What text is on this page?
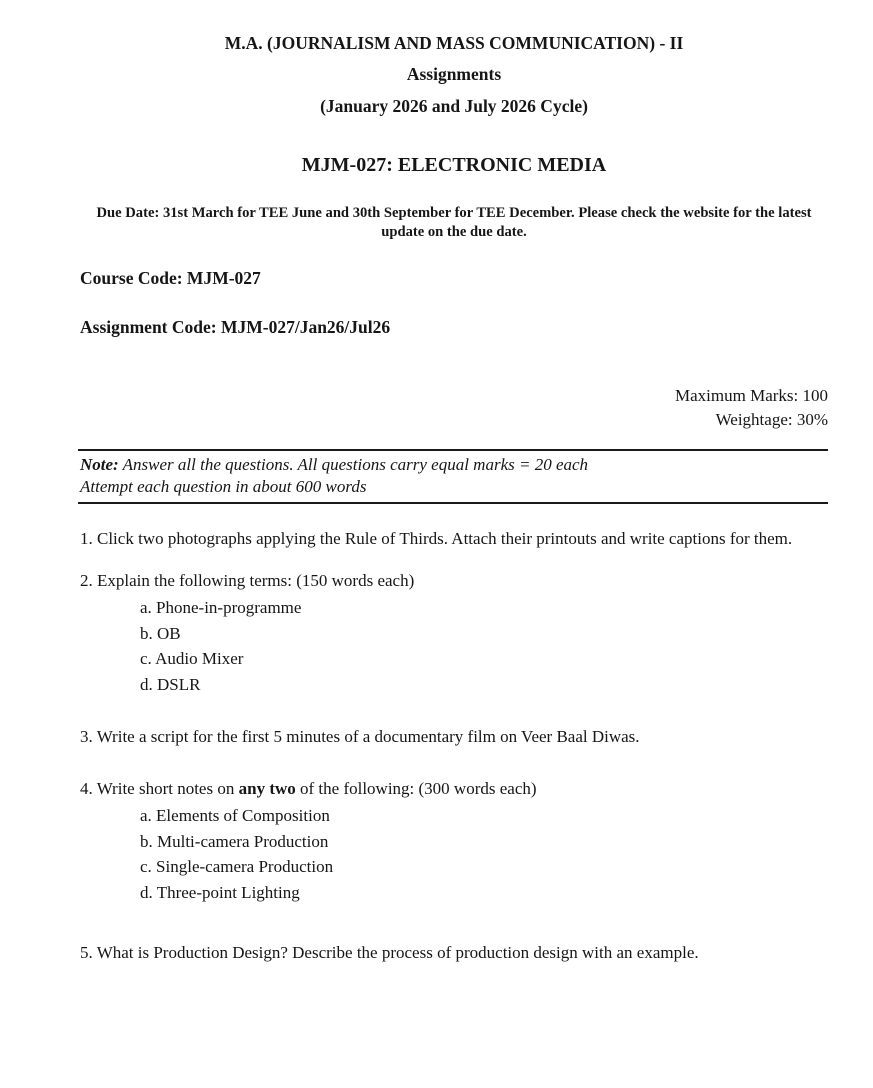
M.A. (JOURNALISM AND MASS COMMUNICATION) - II

Assignments

(January 2026 and July 2026 Cycle)

MJM-027: ELECTRONIC MEDIA

Due Date: 31st March for TEE June and 30th September for TEE December. Please check the website for the latest update on the due date.

Course Code: MJM-027

Assignment Code: MJM-027/Jan26/Jul26

Maximum Marks: 100

Weightage: 30%

Note: Answer all the questions. All questions carry equal marks = 20 each

Attempt each question in about 600 words

1. Click two photographs applying the Rule of Thirds. Attach their printouts and write captions for them.

2. Explain the following terms: (150 words each)

a. Phone-in-programme

b. OB

c. Audio Mixer

d. DSLR

3. Write a script for the first 5 minutes of a documentary film on Veer Baal Diwas.

4. Write short notes on any two of the following: (300 words each)

a. Elements of Composition

b. Multi-camera Production

c. Single-camera Production

d. Three-point Lighting

5. What is Production Design? Describe the process of production design with an example.
